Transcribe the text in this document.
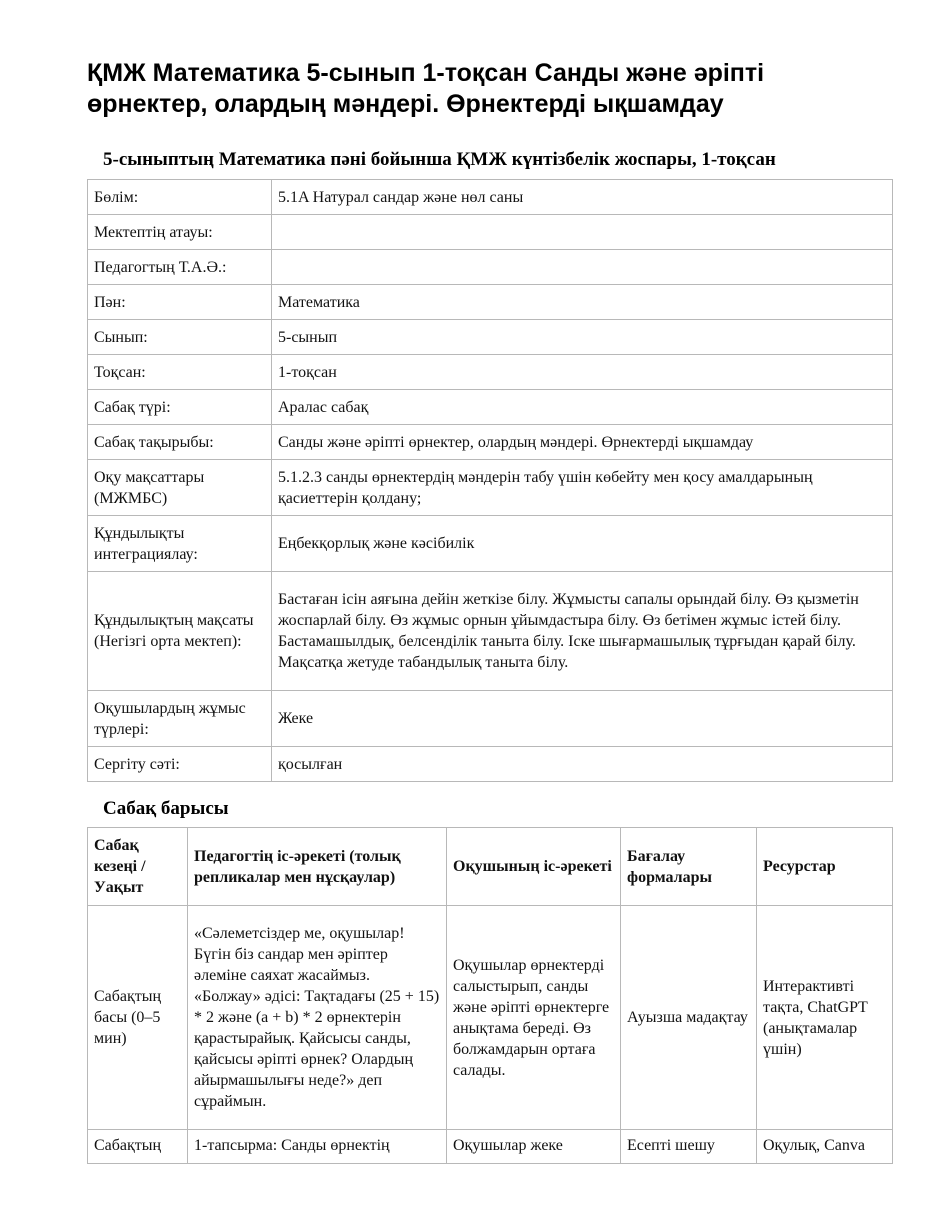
ҚМЖ Математика 5-сынып 1-тоқсан Санды және әріпті өрнектер, олардың мәндері. Өрнектерді ықшамдау
5-сыныптың Математика пәні бойынша ҚМЖ күнтізбелік жоспары, 1-тоқсан
Бөлім:	5.1A Натурал сандар және нөл саны
Мектептің атауы:	
Педагогтың Т.А.Ә.:	
Пән:	Математика
Сынып:	5-сынып
Тоқсан:	1-тоқсан
Сабақ түрі:	Аралас сабақ
Сабақ тақырыбы:	Санды және әріпті өрнектер, олардың мәндері. Өрнектерді ықшамдау
Оқу мақсаттары (МЖМБС)	5.1.2.3 санды өрнектердің мәндерін табу үшін көбейту мен қосу амалдарының қасиеттерін қолдану;
Құндылықты интеграциялау:	Еңбекқорлық және кәсібилік
Құндылықтың мақсаты (Негізгі орта мектеп):	Бастаған ісін аяғына дейін жеткізе білу. Жұмысты сапалы орындай білу. Өз қызметін жоспарлай білу. Өз жұмыс орнын ұйымдастыра білу. Өз бетімен жұмыс істей білу. Бастамашылдық, белсенділік таныта білу. Іске шығармашылық тұрғыдан қарай білу. Мақсатқа жетуде табандылық таныта білу.
Оқушылардың жұмыс түрлері:	Жеке
Сергіту сәті:	қосылған
Сабақ барысы
Сабақ кезеңі / Уақыт	Педагогтің іс-әрекеті (толық репликалар мен нұсқаулар)	Оқушының іс-әрекеті	Бағалау формалары	Ресурстар
Сабақтың басы (0–5 мин)	«Сәлеметсіздер ме, оқушылар! Бүгін біз сандар мен әріптер әлеміне саяхат жасаймыз. «Болжау» әдісі: Тақтадағы (25 + 15) * 2 және (a + b) * 2 өрнектерін қарастырайық. Қайсысы санды, қайсысы әріпті өрнек? Олардың айырмашылығы неде?» деп сұраймын.	Оқушылар өрнектерді салыстырып, санды және әріпті өрнектерге анықтама береді. Өз болжамдарын ортаға салады.	Ауызша мадақтау	Интерактивті тақта, ChatGPT (анықтамалар үшін)
Сабақтың	1-тапсырма: Санды өрнектің	Оқушылар жеке	Есепті шешу	Оқулық, Canva
